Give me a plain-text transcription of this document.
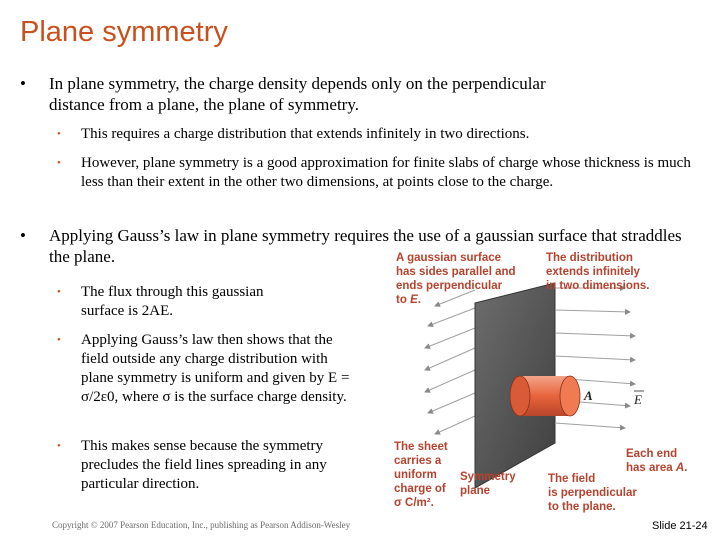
Plane symmetry
• In plane symmetry, the charge density depends only on the perpendicular
distance from a plane, the plane of symmetry.
• This requires a charge distribution that extends infinitely in two directions.
• However, plane symmetry is a good approximation for finite slabs of charge whose thickness is much less than their extent in the other two dimensions, at points close to the charge.
• Applying Gauss’s law in plane symmetry requires the use of a gaussian surface that straddles the plane.
• The flux through this gaussian surface is 2AE.
• Applying Gauss’s law then shows that the field outside any charge distribution with plane symmetry is uniform and given by E = σ/2ε0, where σ is the surface charge density.
• This makes sense because the symmetry precludes the field lines spreading in any particular direction.
A	E
A gaussian surface
has sides parallel and
ends perpendicular
to E.
The distribution
extends infinitely
in two dimensions.
The sheet
carries a
uniform
charge of
σ C/m².
Symmetry
plane
Each end
has area A.
The field
is perpendicular
to the plane.
Copyright © 2007 Pearson Education, Inc., publishing as Pearson Addison-Wesley	Slide 21-24
